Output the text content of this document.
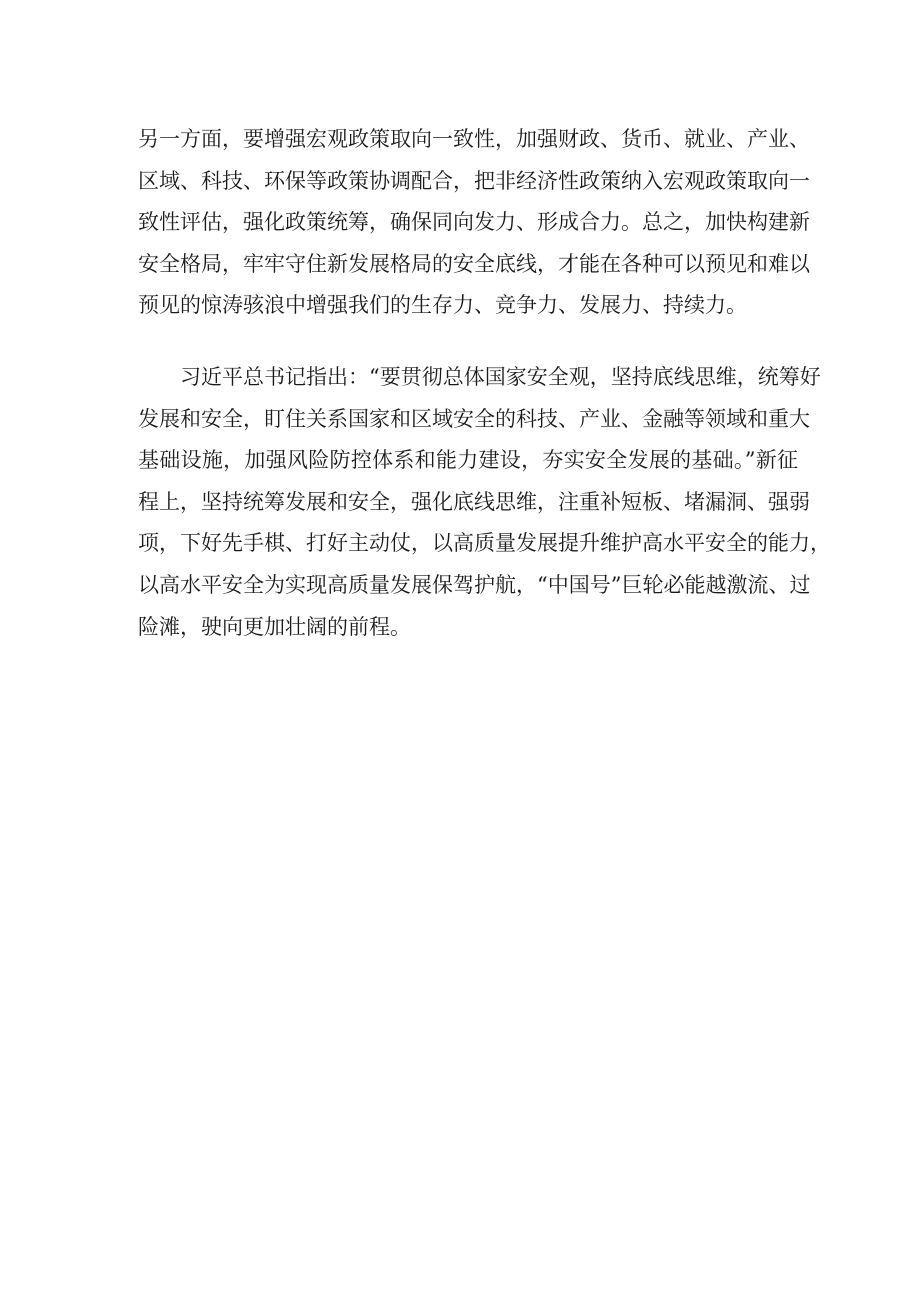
另一方面，要增强宏观政策取向一致性，加强财政、货币、就业、产业、

区域、科技、环保等政策协调配合，把非经济性政策纳入宏观政策取向一

致性评估，强化政策统筹，确保同向发力、形成合力。总之，加快构建新

安全格局，牢牢守住新发展格局的安全底线，才能在各种可以预见和难以

预见的惊涛骇浪中增强我们的生存力、竞争力、发展力、持续力。

　　习近平总书记指出：“要贯彻总体国家安全观，坚持底线思维，统筹好

发展和安全，盯住关系国家和区域安全的科技、产业、金融等领域和重大

基础设施，加强风险防控体系和能力建设，夯实安全发展的基础。”新征

程上，坚持统筹发展和安全，强化底线思维，注重补短板、堵漏洞、强弱

项，下好先手棋、打好主动仗，以高质量发展提升维护高水平安全的能力，

以高水平安全为实现高质量发展保驾护航，“中国号”巨轮必能越激流、过

险滩，驶向更加壮阔的前程。
